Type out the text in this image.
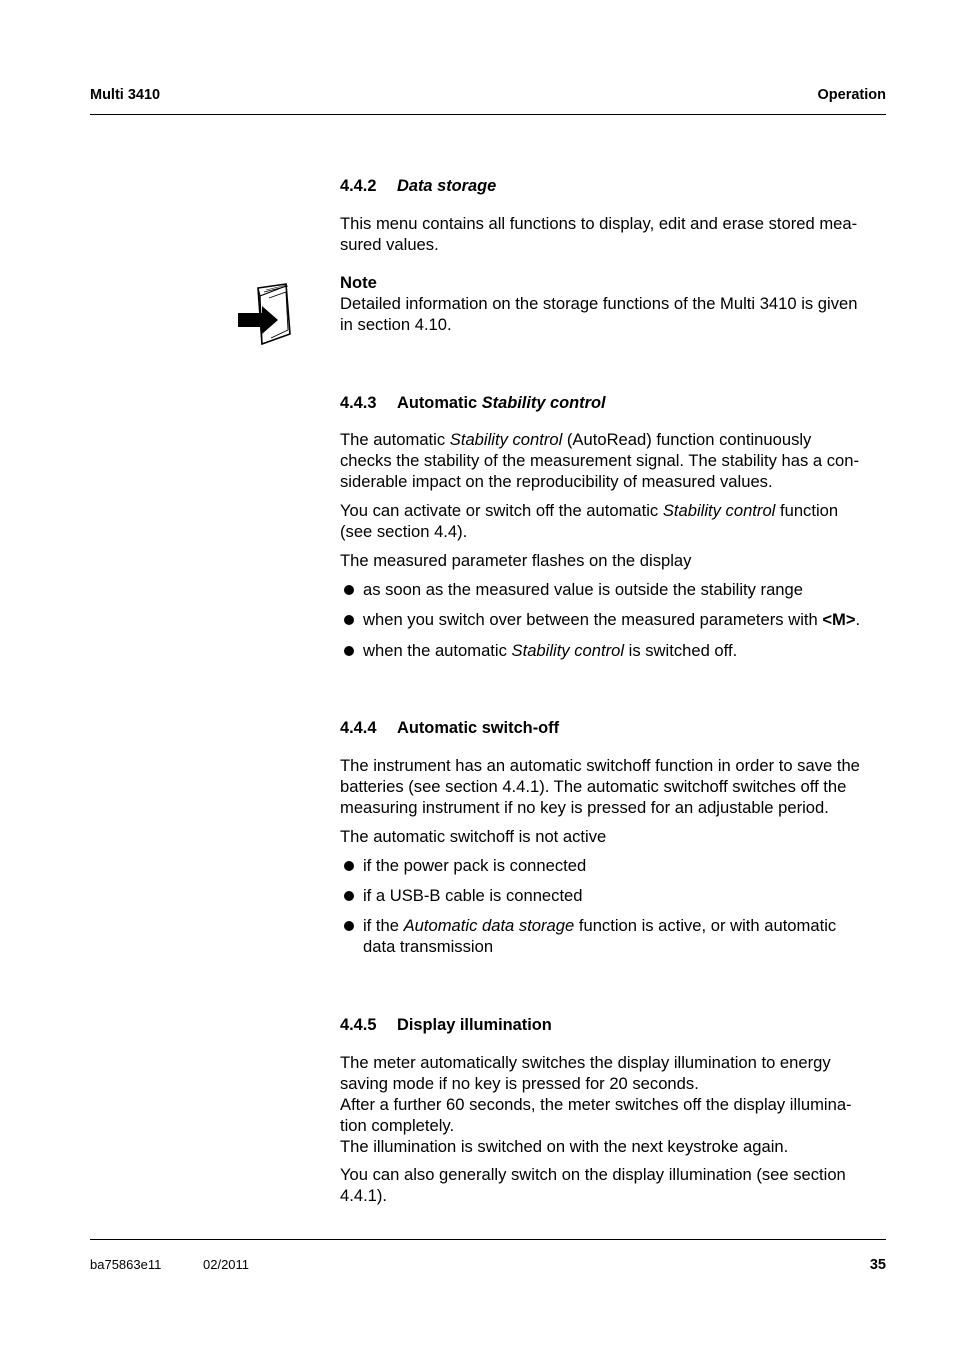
Multi 3410	Operation
4.4.2 Data storage
This menu contains all functions to display, edit and erase stored mea-
sured values.
Note
Detailed information on the storage functions of the Multi 3410 is given
in section 4.10.
4.4.3 Automatic Stability control
The automatic Stability control (AutoRead) function continuously
checks the stability of the measurement signal. The stability has a con-
siderable impact on the reproducibility of measured values.
You can activate or switch off the automatic Stability control function
(see section 4.4).
The measured parameter flashes on the display
as soon as the measured value is outside the stability range
when you switch over between the measured parameters with <M>.
when the automatic Stability control is switched off.
4.4.4 Automatic switch-off
The instrument has an automatic switchoff function in order to save the
batteries (see section 4.4.1). The automatic switchoff switches off the
measuring instrument if no key is pressed for an adjustable period.
The automatic switchoff is not active
if the power pack is connected
if a USB-B cable is connected
if the Automatic data storage function is active, or with automatic
data transmission
4.4.5 Display illumination
The meter automatically switches the display illumination to energy
saving mode if no key is pressed for 20 seconds.
After a further 60 seconds, the meter switches off the display illumina-
tion completely.
The illumination is switched on with the next keystroke again.
You can also generally switch on the display illumination (see section
4.4.1).
ba75863e11	02/2011	35
